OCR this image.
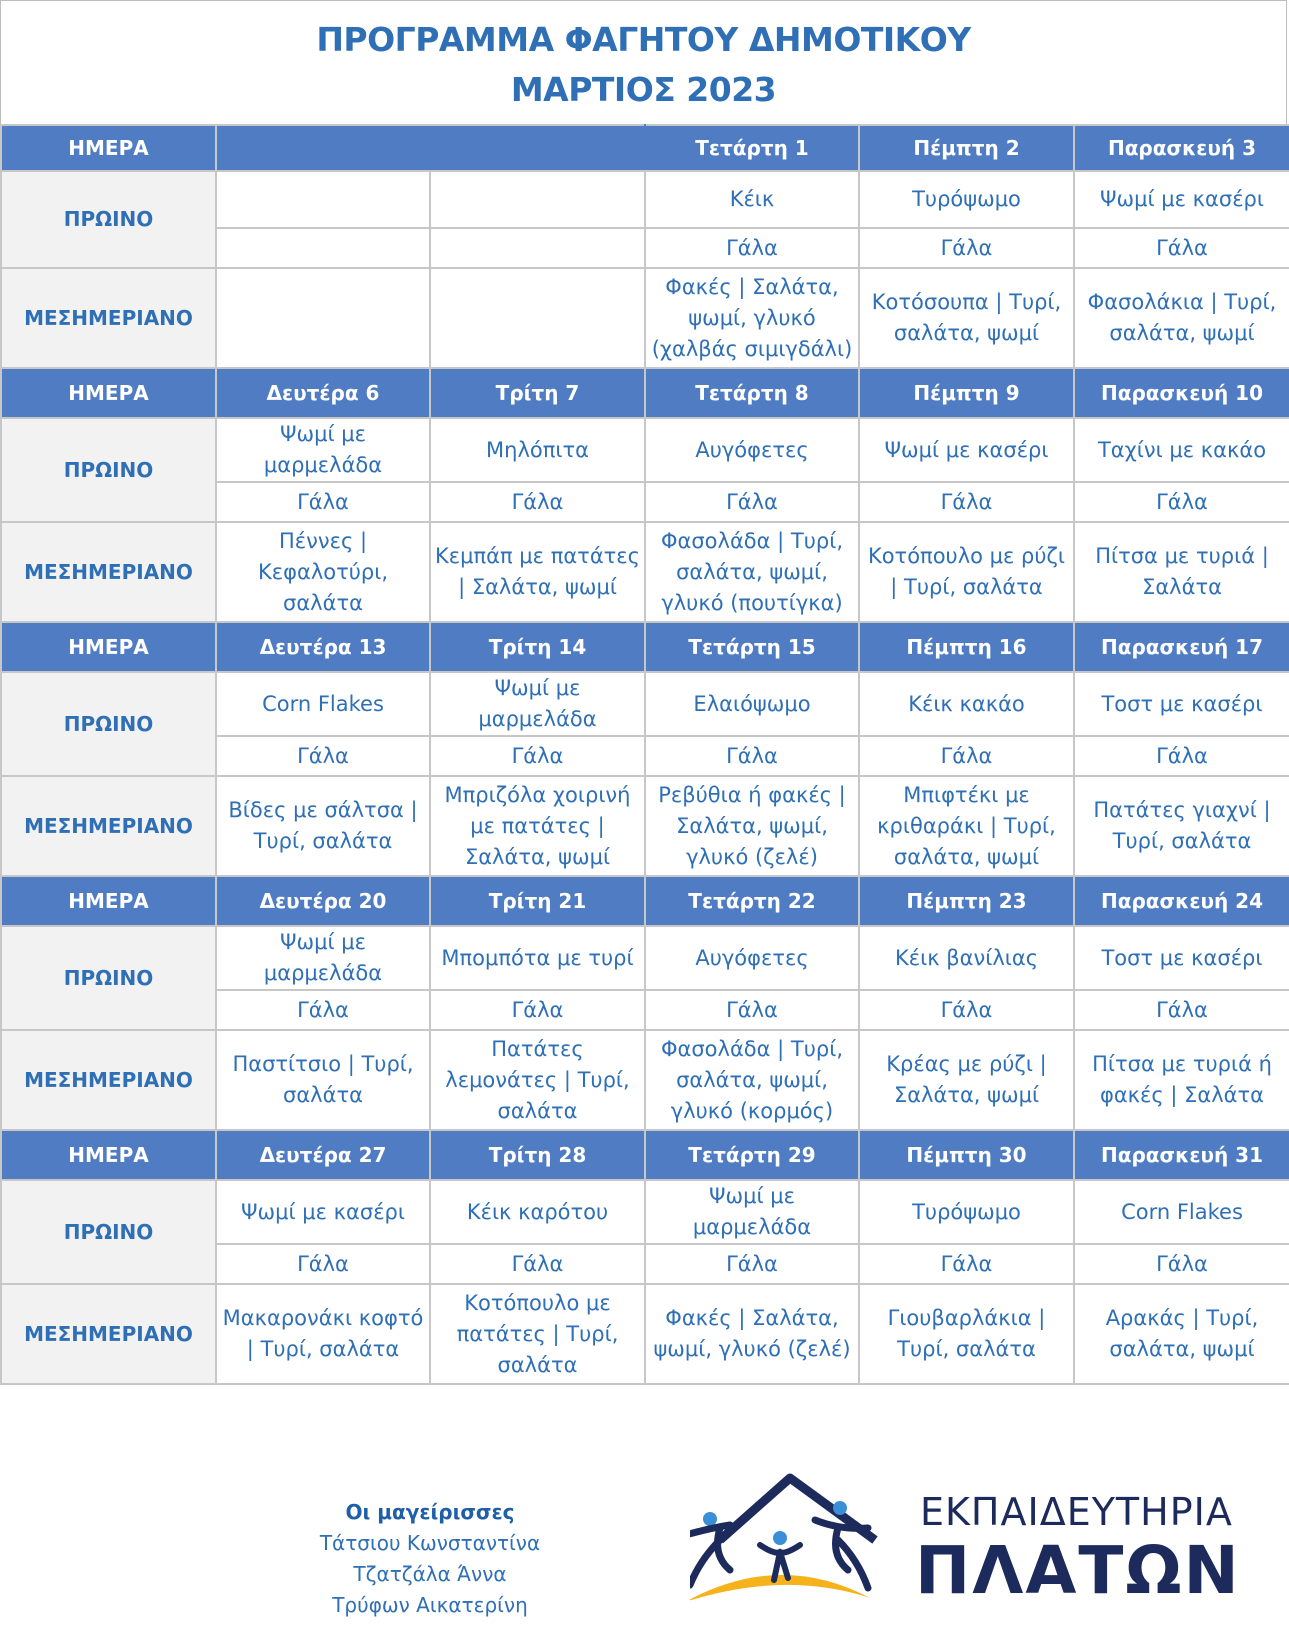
ΠΡΟΓΡΑΜΜΑ ΦΑΓΗΤΟΥ ΔΗΜΟΤΙΚΟΥ
ΜΑΡΤΙΟΣ 2023
ΗΜΕΡΑ			Τετάρτη 1	Πέμπτη 2	Παρασκευή 3
ΠΡΩΙΝΟ			Κέικ	Τυρόψωμο	Ψωμί με κασέρι
			Γάλα	Γάλα	Γάλα
ΜΕΣΗΜΕΡΙΑΝΟ			Φακές | Σαλάτα, ψωμί, γλυκό (χαλβάς σιμιγδάλι)	Κοτόσουπα | Τυρί, σαλάτα, ψωμί	Φασολάκια | Τυρί, σαλάτα, ψωμί
ΗΜΕΡΑ	Δευτέρα 6	Τρίτη 7	Τετάρτη 8	Πέμπτη 9	Παρασκευή 10
ΠΡΩΙΝΟ	Ψωμί με μαρμελάδα	Μηλόπιτα	Αυγόφετες	Ψωμί με κασέρι	Ταχίνι με κακάο
	Γάλα	Γάλα	Γάλα	Γάλα	Γάλα
ΜΕΣΗΜΕΡΙΑΝΟ	Πέννες | Κεφαλοτύρι, σαλάτα	Κεμπάπ με πατάτες | Σαλάτα, ψωμί	Φασολάδα | Τυρί, σαλάτα, ψωμί, γλυκό (πουτίγκα)	Κοτόπουλο με ρύζι | Τυρί, σαλάτα	Πίτσα με τυριά | Σαλάτα
ΗΜΕΡΑ	Δευτέρα 13	Τρίτη 14	Τετάρτη 15	Πέμπτη 16	Παρασκευή 17
ΠΡΩΙΝΟ	Corn Flakes	Ψωμί με μαρμελάδα	Ελαιόψωμο	Κέικ κακάο	Τοστ με κασέρι
	Γάλα	Γάλα	Γάλα	Γάλα	Γάλα
ΜΕΣΗΜΕΡΙΑΝΟ	Βίδες με σάλτσα | Τυρί, σαλάτα	Μπριζόλα χοιρινή με πατάτες | Σαλάτα, ψωμί	Ρεβύθια ή φακές | Σαλάτα, ψωμί, γλυκό (ζελέ)	Μπιφτέκι με κριθαράκι | Τυρί, σαλάτα, ψωμί	Πατάτες γιαχνί | Τυρί, σαλάτα
ΗΜΕΡΑ	Δευτέρα 20	Τρίτη 21	Τετάρτη 22	Πέμπτη 23	Παρασκευή 24
ΠΡΩΙΝΟ	Ψωμί με μαρμελάδα	Μπομπότα με τυρί	Αυγόφετες	Κέικ βανίλιας	Τοστ με κασέρι
	Γάλα	Γάλα	Γάλα	Γάλα	Γάλα
ΜΕΣΗΜΕΡΙΑΝΟ	Παστίτσιο | Τυρί, σαλάτα	Πατάτες λεμονάτες | Τυρί, σαλάτα	Φασολάδα | Τυρί, σαλάτα, ψωμί, γλυκό (κορμός)	Κρέας με ρύζι | Σαλάτα, ψωμί	Πίτσα με τυριά ή φακές | Σαλάτα
ΗΜΕΡΑ	Δευτέρα 27	Τρίτη 28	Τετάρτη 29	Πέμπτη 30	Παρασκευή 31
ΠΡΩΙΝΟ	Ψωμί με κασέρι	Κέικ καρότου	Ψωμί με μαρμελάδα	Τυρόψωμο	Corn Flakes
	Γάλα	Γάλα	Γάλα	Γάλα	Γάλα
ΜΕΣΗΜΕΡΙΑΝΟ	Μακαρονάκι κοφτό | Τυρί, σαλάτα	Κοτόπουλο με πατάτες | Τυρί, σαλάτα	Φακές | Σαλάτα, ψωμί, γλυκό (ζελέ)	Γιουβαρλάκια | Τυρί, σαλάτα	Αρακάς | Τυρί, σαλάτα, ψωμί
Οι μαγείρισσες
Τάτσιου Κωνσταντίνα
Τζατζάλα Άννα
Τρύφων Αικατερίνη
ΕΚΠΑΙΔΕΥΤΗΡΙΑ
ΠΛΑΤΩΝ
